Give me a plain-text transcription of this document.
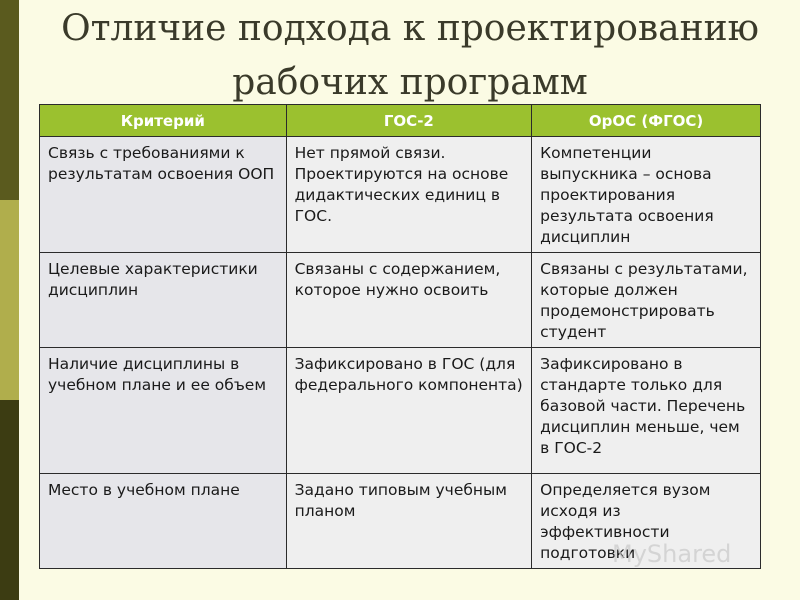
Отличие подхода к проектированию
рабочих программ
Критерий	ГОС-2	ОрОС (ФГОС)
Связь с требованиями к результатам освоения ООП	Нет прямой связи. Проектируются на основе дидактических единиц в ГОС.	Компетенции выпускника – основа проектирования результата освоения дисциплин
Целевые характеристики дисциплин	Связаны с содержанием, которое нужно освоить	Связаны с результатами, которые должен продемонстрировать студент
Наличие дисциплины в учебном плане и ее объем	Зафиксировано в ГОС (для федерального компонента)	Зафиксировано в стандарте только для базовой части. Перечень дисциплин меньше, чем в ГОС-2
Место в учебном плане	Задано типовым учебным планом	Определяется вузом исходя из эффективности подготовки
MyShared
